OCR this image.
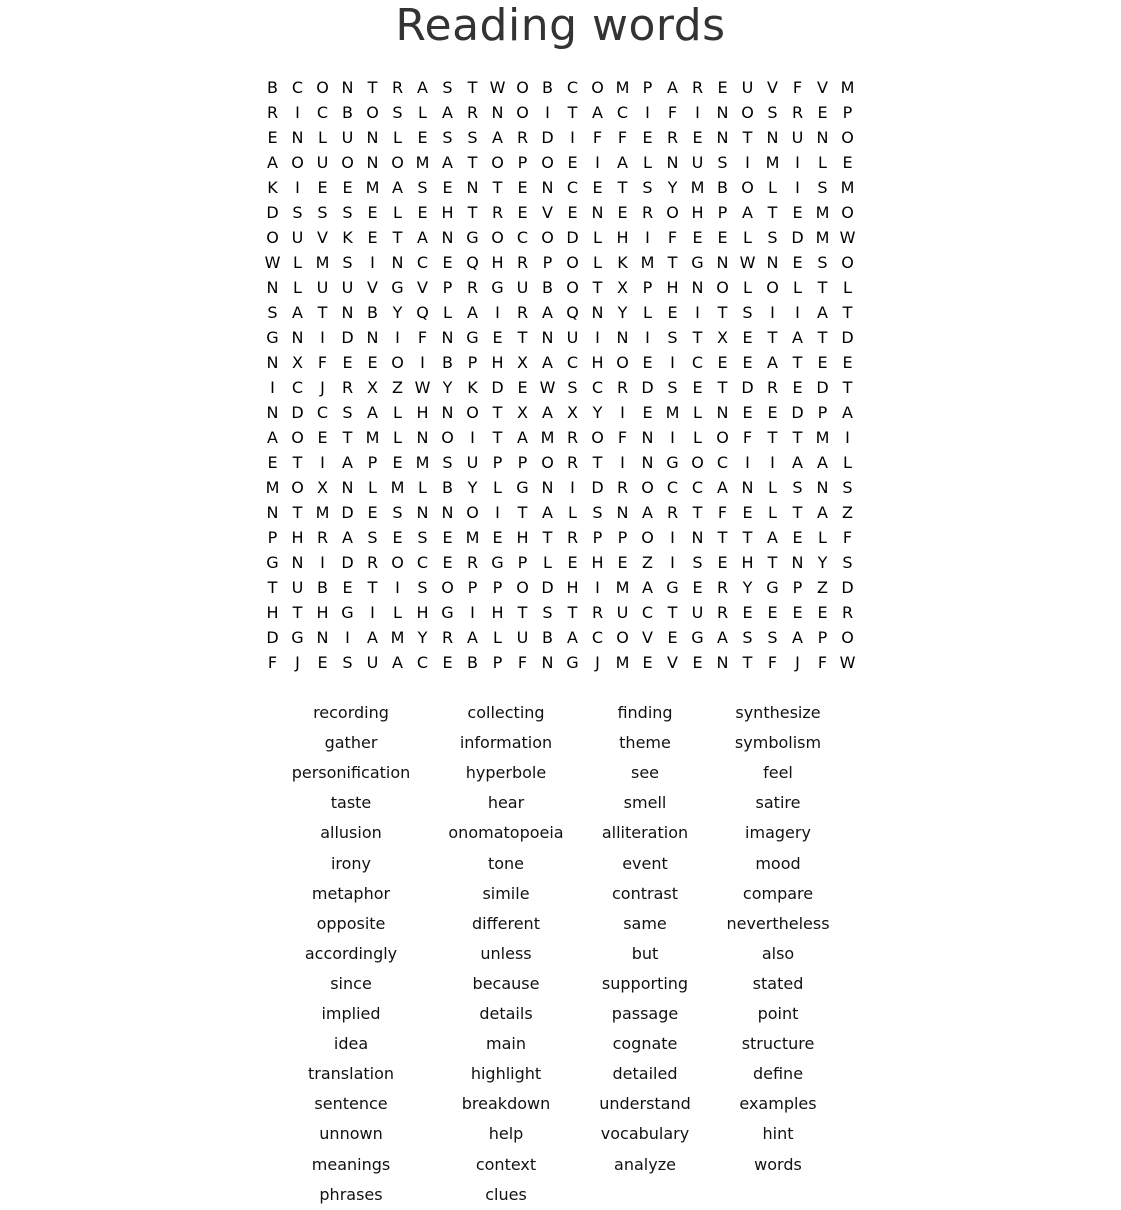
Reading words
B C O N T R A S T W O B C O M P A R E U V F V M
R	I	C B O S L A R N O	I	T A C	I	F	I	N O S R E P
E N L U N L E S S A R D	I	F F E R E N T N U N O
A O U O N O M A T O P O E	I	A L N U S	I M I	L E
K	I	E E M A S E N T E N C E T S Y M B O L	I	S M
D S S S E L E H T R E V E N E R O H P A T E M O
O U V K E T A N G O C O D L H	I	F E E L S D M W
W L M S	I	N C E Q H R P O L K M T G N W N E S O
N L U U V G V P R G U B O T X P H N O L O L T L
S A T N B Y Q L A	I	R A Q N Y L E	I	T S	I	I	A T
G N	I	D N	I	F N G E T N U	I	N	I	S T X E T A T D
N X F E E O	I	B P H X A C H O E	I	C E E A T E E
I	C	J	R X Z W Y K D E W S C R D S E T D R E D T
N D C S A L H N O T X A X Y	I	E M L N E E D P A
A O E T M L N O	I	T A M R O F N	I	L O F T T M I
E T	I	A P E M S U P P O R T	I	N G O C	I	I	A A L
M O X N L M L B Y L G N	I	D R O C C A N L S N S
N T M D E S N N O	I	T A L S N A R T F E L T A Z
P H R A S E S E M E H T R P P O	I	N T T A E L F
G N	I	D R O C E R G P L E H E Z	I	S E H T N Y S
T U B E T	I	S O P P O D H	I M A G E R Y G P Z D
H T H G	I	L H G	I	H T S T R U C T U R E E E E R
D G N	I	A M Y R A L U B A C O V E G A S S A P O
F	J	E S U A C E B P F N G	J M E V E N T F	J	F W
recording
gather
personification
taste
allusion
irony
metaphor
opposite
accordingly
since
implied
idea
translation
sentence
unnown
meanings
phrases
collecting
information
hyperbole
hear
onomatopoeia
tone
simile
different
unless
because
details
main
highlight
breakdown
help
context
clues
finding
theme
see
smell
alliteration
event
contrast
same
but
supporting
passage
cognate
detailed
understand
vocabulary
analyze
synthesize
symbolism
feel
satire
imagery
mood
compare
nevertheless
also
stated
point
structure
define
examples
hint
words
